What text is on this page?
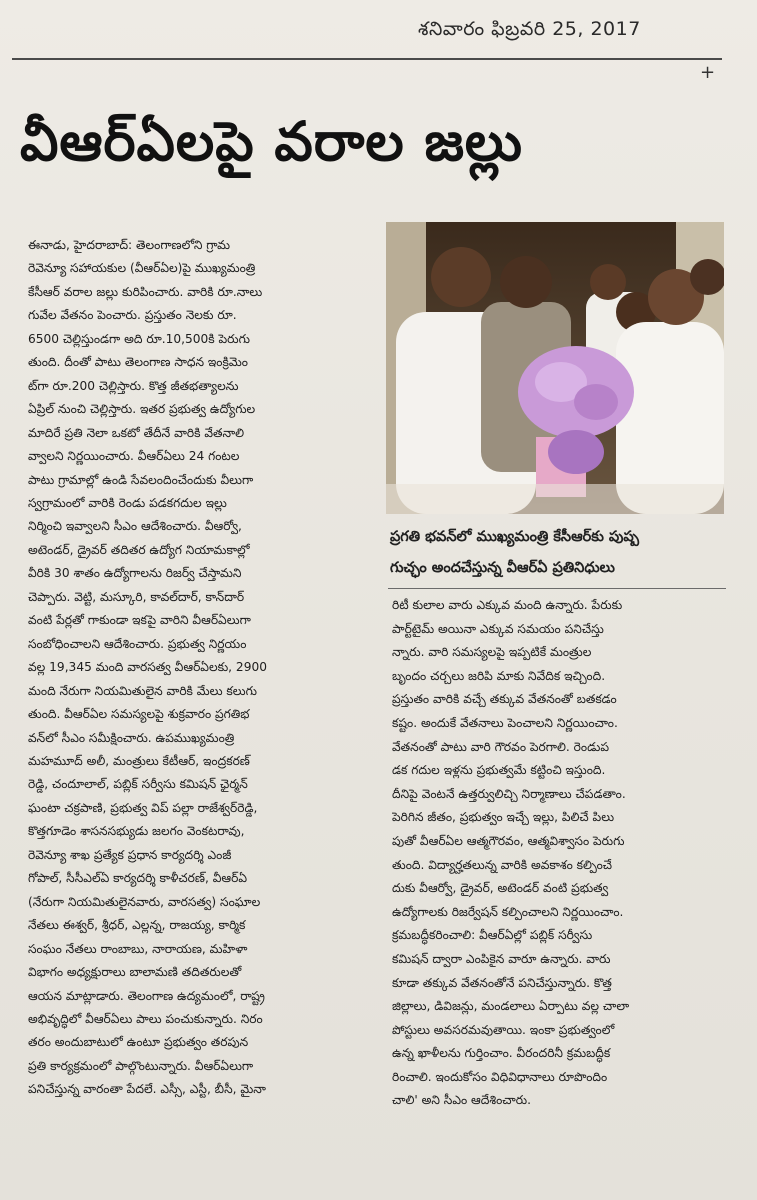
శనివారం ఫిబ్రవరి 25, 2017
+
వీఆర్‌ఏలపై వరాల జల్లు
ఈనాడు, హైదరాబాద్‌: తెలంగాణలోని గ్రామ
రెవెన్యూ సహాయకుల (వీఆర్‌ఏల)పై ముఖ్యమంత్రి
కేసీఆర్‌ వరాల జల్లు కురిపించారు. వారికి రూ.నాలు
గువేల వేతనం పెంచారు. ప్రస్తుతం నెలకు రూ.
6500 చెల్లిస్తుండగా అది రూ.10,500కి పెరుగు
తుంది. దీంతో పాటు తెలంగాణ సాధన ఇంక్రిమెం
ట్‌గా రూ.200 చెల్లిస్తారు. కొత్త జీతభత్యాలను
ఏప్రిల్‌ నుంచి చెల్లిస్తారు. ఇతర ప్రభుత్వ ఉద్యోగుల
మాదిరే ప్రతి నెలా ఒకటో తేదీనే వారికి వేతనాలి
వ్వాలని నిర్ణయించారు. వీఆర్‌ఏలు 24 గంటల
పాటు గ్రామాల్లో ఉండి సేవలందించేందుకు వీలుగా
స్వగ్రామంలో వారికి రెండు పడకగదుల ఇల్లు
నిర్మించి ఇవ్వాలని సీఎం ఆదేశించారు. వీఆర్వో,
అటెండర్‌, డ్రైవర్‌ తదితర ఉద్యోగ నియామకాల్లో
వీరికి 30 శాతం ఉద్యోగాలను రిజర్వ్‌ చేస్తామని
చెప్పారు. వెట్టి, మస్కూరి, కావల్‌దార్‌, కాన్‌దార్‌
వంటి పేర్లతో గాకుండా ఇకపై వారిని వీఆర్‌ఏలుగా
సంబోధించాలని ఆదేశించారు. ప్రభుత్వ నిర్ణయం
వల్ల 19,345 మంది వారసత్వ వీఆర్‌ఏలకు, 2900
మంది నేరుగా నియమితులైన వారికి మేలు కలుగు
తుంది. వీఆర్‌ఏల సమస్యలపై శుక్రవారం ప్రగతిభ
వన్‌లో సీఎం సమీక్షించారు. ఉపముఖ్యమంత్రి
మహమూద్‌ అలీ, మంత్రులు కేటీఆర్‌, ఇంద్రకరణ్‌
రెడ్డి, చందూలాల్‌, పబ్లిక్‌ సర్వీసు కమిషన్‌ ఛైర్మన్‌
ఘంటా చక్రపాణి, ప్రభుత్వ విప్‌ పల్లా రాజేశ్వర్‌రెడ్డి,
కొత్తగూడెం శాసనసభ్యుడు జలగం వెంకటరావు,
రెవెన్యూ శాఖ ప్రత్యేక ప్రధాన కార్యదర్శి ఎంజీ
గోపాల్‌, సీసీఎల్‌ఏ కార్యదర్శి కాళీచరణ్‌, వీఆర్‌ఏ
(నేరుగా నియమితులైనవారు, వారసత్వ) సంఘాల
నేతలు ఈశ్వర్‌, శ్రీధర్‌, ఎల్లన్న, రాజయ్య, కార్మిక
సంఘం నేతలు రాంబాబు, నారాయణ, మహిళా
విభాగం అధ్యక్షురాలు బాలామణి తదితరులతో
ఆయన మాట్లాడారు. తెలంగాణ ఉద్యమంలో, రాష్ట్ర
అభివృద్ధిలో వీఆర్‌ఏలు పాలు పంచుకున్నారు. నిరం
తరం అందుబాటులో ఉంటూ ప్రభుత్వం తరపున
ప్రతి కార్యక్రమంలో పాల్గొంటున్నారు. వీఆర్‌ఏలుగా
పనిచేస్తున్న వారంతా పేదలే. ఎస్సీ, ఎస్టీ, బీసీ, మైనా
ప్రగతి భవన్‌లో ముఖ్యమంత్రి కేసీఆర్‌కు పుష్ప
గుచ్ఛం అందచేస్తున్న వీఆర్‌ఏ ప్రతినిధులు
రిటీ కులాల వారు ఎక్కువ మంది ఉన్నారు. పేరుకు
పార్ట్‌టైమ్‌ అయినా ఎక్కువ సమయం పనిచేస్తు
న్నారు. వారి సమస్యలపై ఇప్పటికే మంత్రుల
బృందం చర్చలు జరిపి మాకు నివేదిక ఇచ్చింది.
ప్రస్తుతం వారికి వచ్చే తక్కువ వేతనంతో బతకడం
కష్టం. అందుకే వేతనాలు పెంచాలని నిర్ణయించాం.
వేతనంతో పాటు వారి గౌరవం పెరగాలి. రెండుప
డక గదుల ఇళ్లను ప్రభుత్వమే కట్టించి ఇస్తుంది.
దీనిపై వెంటనే ఉత్తర్వులిచ్చి నిర్మాణాలు చేపడతాం.
పెరిగిన జీతం, ప్రభుత్వం ఇచ్చే ఇల్లు, పిలిచే పిలు
పుతో వీఆర్‌ఏల ఆత్మగౌరవం, ఆత్మవిశ్వాసం పెరుగు
తుంది. విద్యార్హతలున్న వారికి అవకాశం కల్పించే
దుకు వీఆర్వో, డ్రైవర్‌, అటెండర్‌ వంటి ప్రభుత్వ
ఉద్యోగాలకు రిజర్వేషన్‌ కల్పించాలని నిర్ణయించాం.
క్రమబద్ధీకరించాలి: వీఆర్‌ఏల్లో పబ్లిక్‌ సర్వీసు
కమిషన్‌ ద్వారా ఎంపికైన వారూ ఉన్నారు. వారు
కూడా తక్కువ వేతనంతోనే పనిచేస్తున్నారు. కొత్త
జిల్లాలు, డివిజన్లు, మండలాలు ఏర్పాటు వల్ల చాలా
పోస్టులు అవసరమవుతాయి. ఇంకా ప్రభుత్వంలో
ఉన్న ఖాళీలను గుర్తించాం. వీరందరినీ క్రమబద్ధీక
రించాలి. ఇందుకోసం విధివిధానాలు రూపొందిం
చాలి' అని సీఎం ఆదేశించారు.
